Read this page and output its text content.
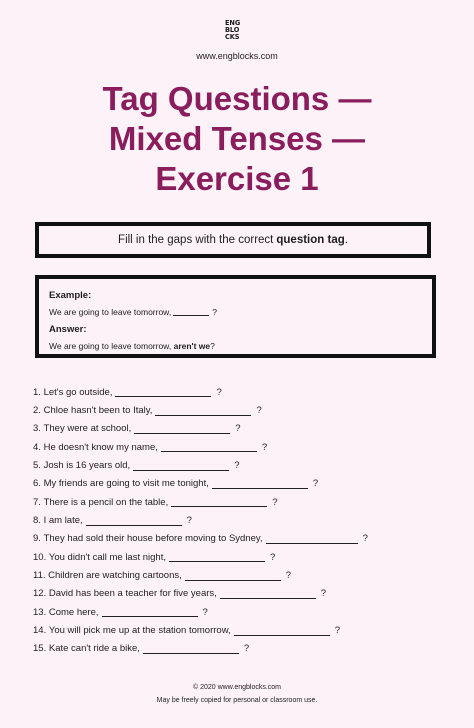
ENG
BLO
CKS
www.engblocks.com
Tag Questions —
Mixed Tenses —
Exercise 1
Fill in the gaps with the correct question tag .
Example:
We are going to leave tomorrow,	?
Answer:
We are going to leave tomorrow, aren't we?
1.
Let's go outside,	?
2.
Chloe hasn't been to Italy,	?
3.
They were at school,	?
4.
He doesn't know my name,	?
5.
Josh is 16 years old,	?
6.
My friends are going to visit me tonight,	?
7.
There is a pencil on the table,	?
8.
I am late,	?
9.
They had sold their house before moving to Sydney,	?
10.
You didn't call me last night,	?
11.
Children are watching cartoons,	?
12.
David has been a teacher for five years,	?
13.
Come here,	?
14.
You will pick me up at the station tomorrow,	?
15.
Kate can't ride a bike,	?
© 2020 www.engblocks.com
May be freely copied for personal or classroom use.
